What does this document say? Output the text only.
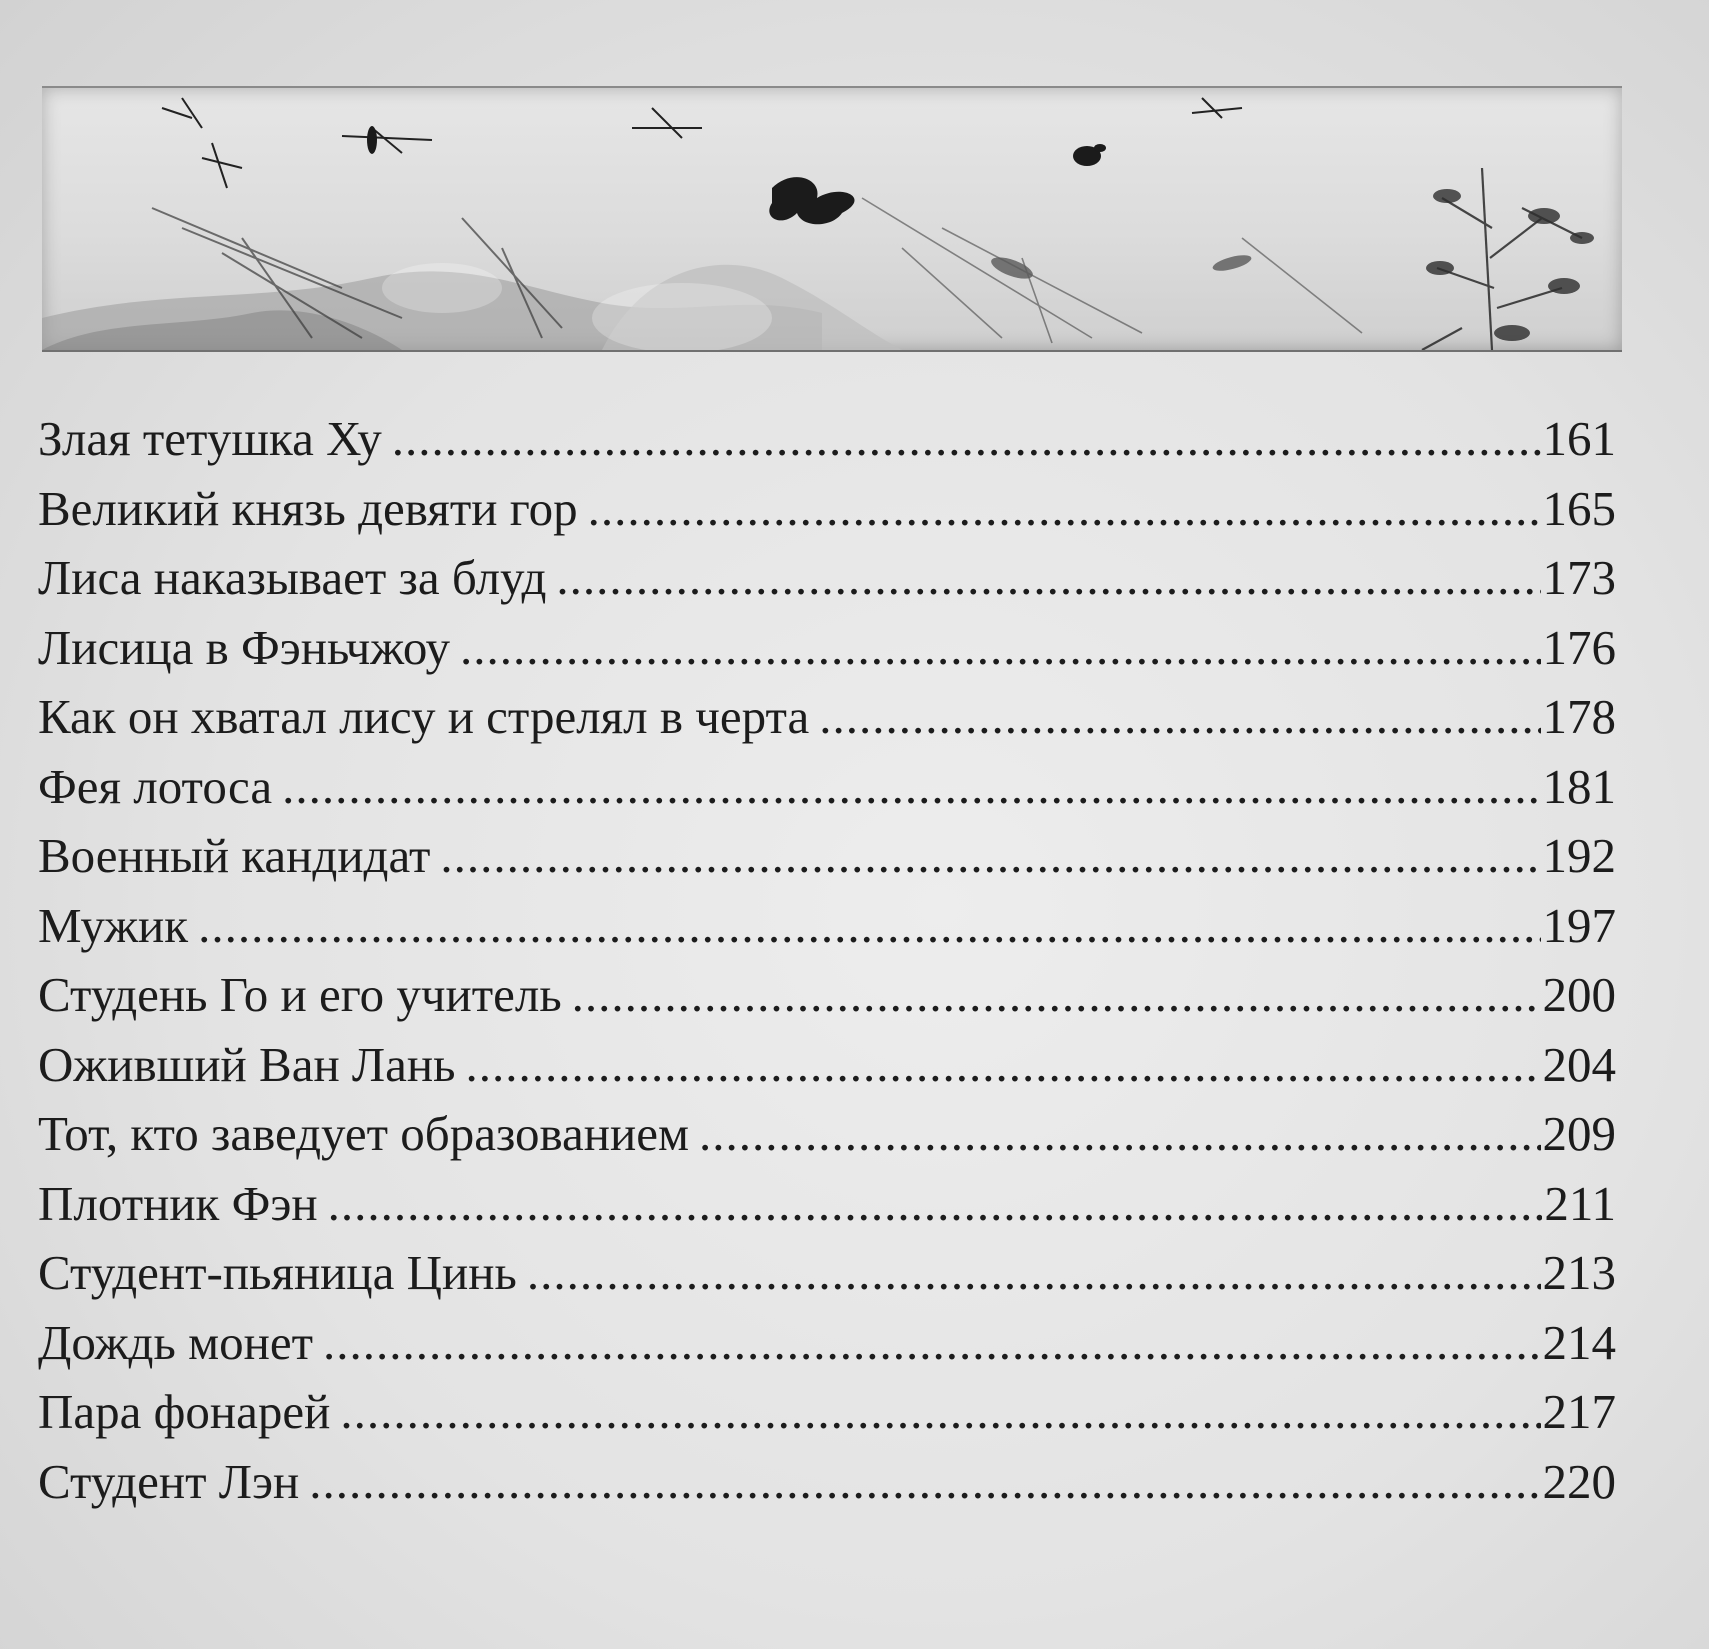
Злая тетушка Ху .....	161
Великий князь девяти гор .....	165
Лиса наказывает за блуд .....	173
Лисица в Фэньчжоу .....	176
Как он хватал лису и стрелял в черта .....	178
Фея лотоса .....	181
Военный кандидат .....	192
Мужик .....	197
Студень Го и его учитель .....	200
Оживший Ван Лань .....	204
Тот, кто заведует образованием .....	209
Плотник Фэн .....	211
Студент-пьяница Цинь .....	213
Дождь монет .....	214
Пара фонарей .....	217
Студент Лэн .....	220
